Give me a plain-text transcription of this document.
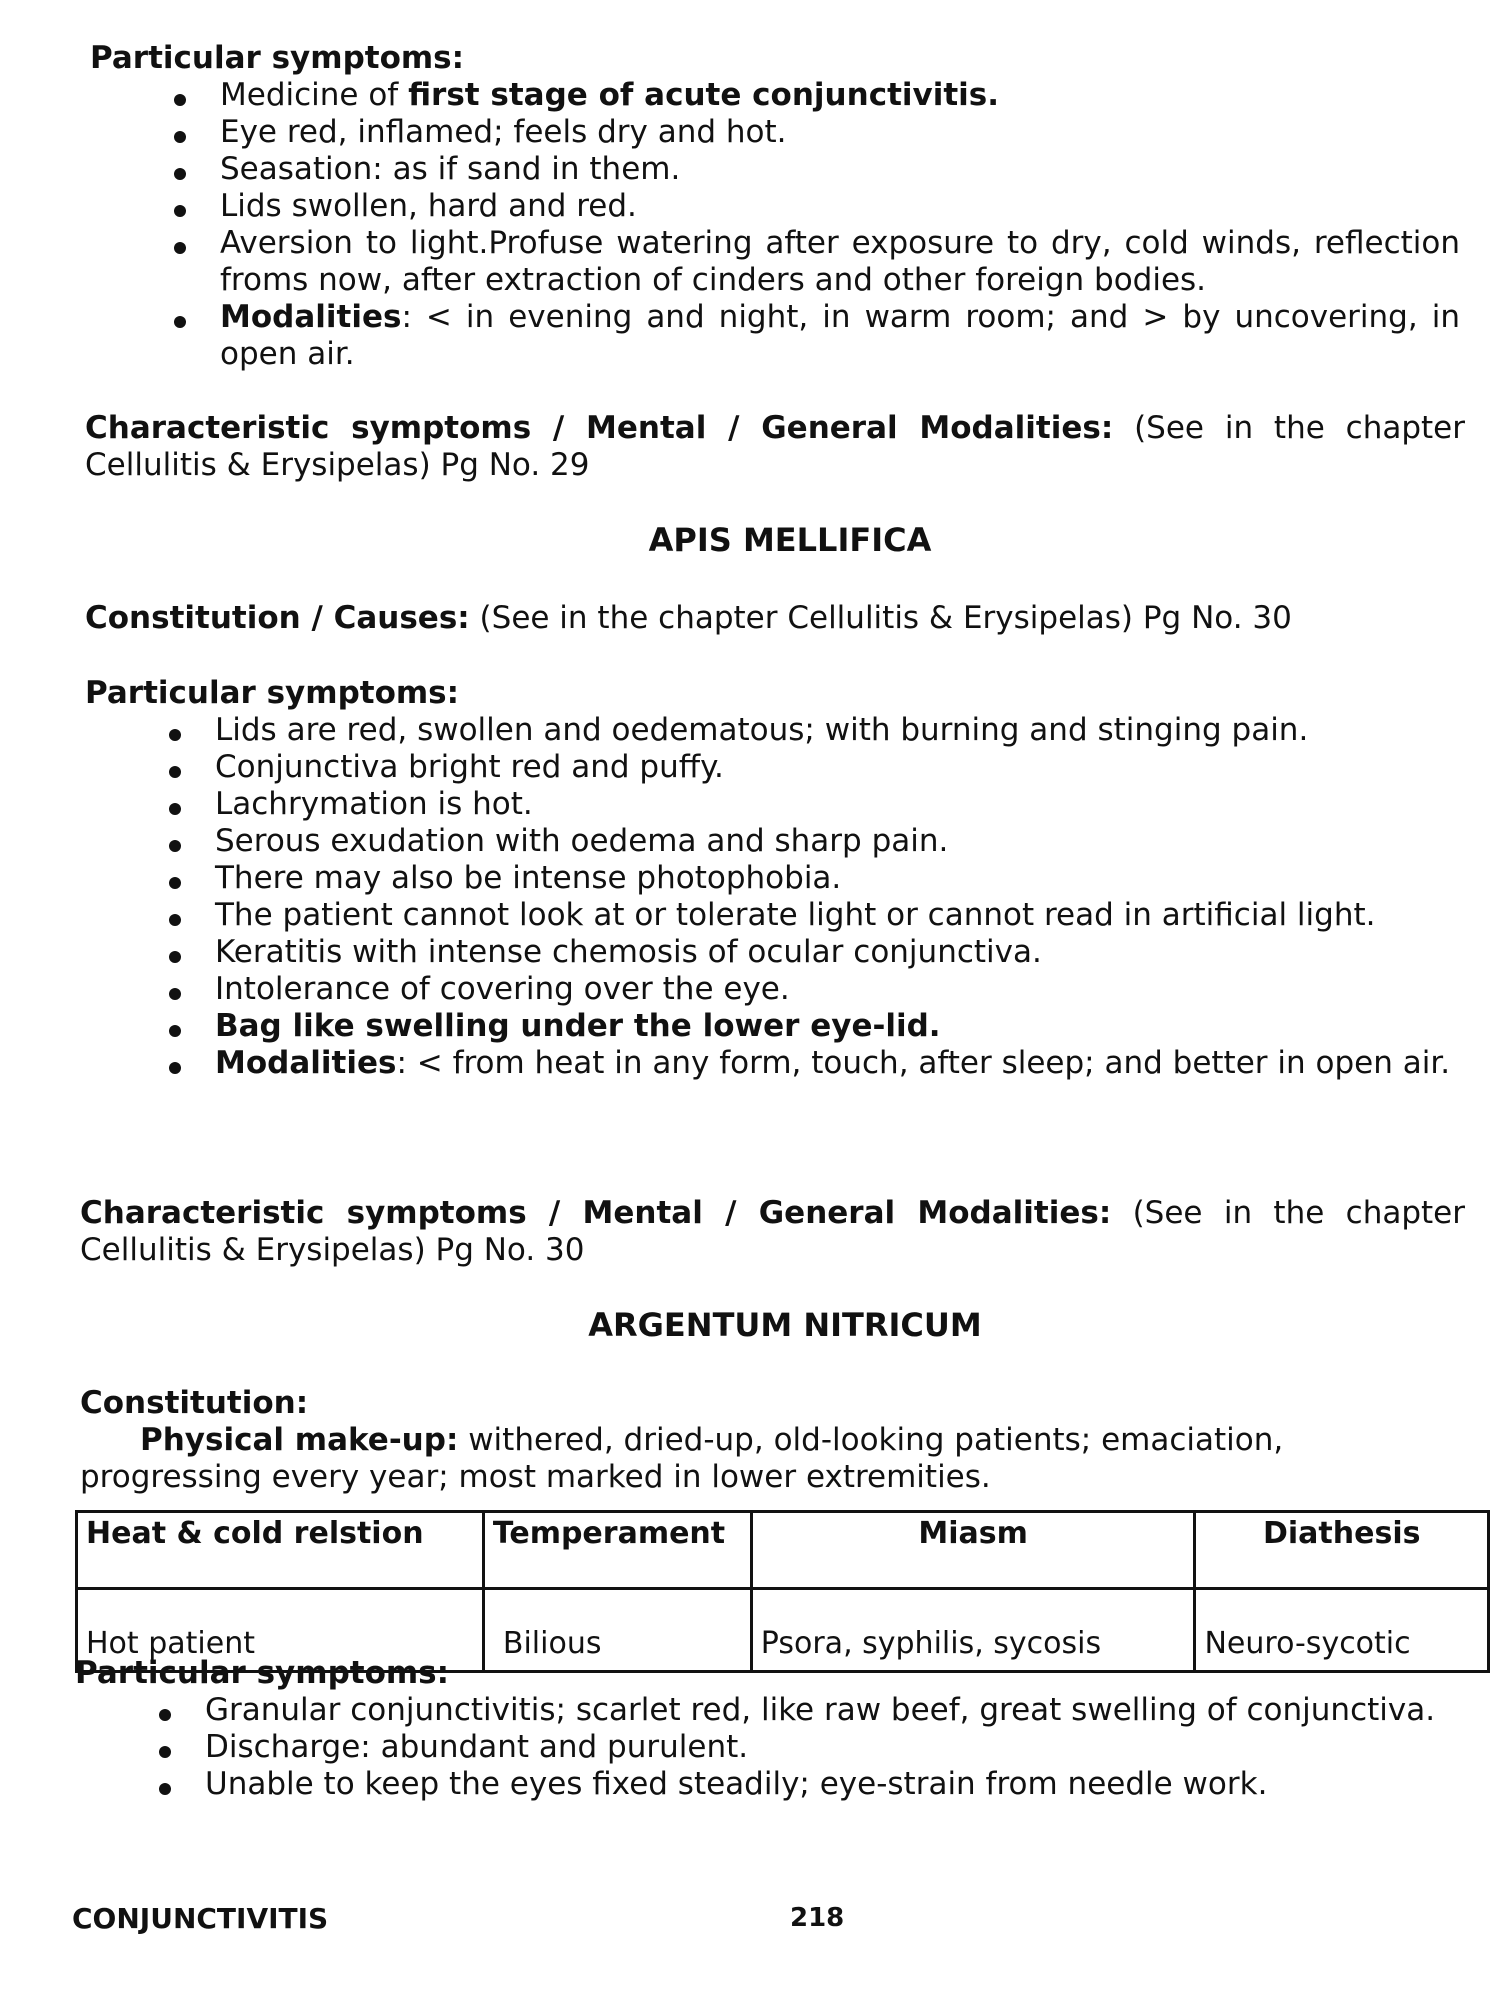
Particular symptoms:
Medicine of first stage of acute conjunctivitis.
Eye red, inflamed; feels dry and hot.
Seasation: as if sand in them.
Lids swollen, hard and red.
Aversion to light.Profuse watering after exposure to dry, cold winds, reflection froms now, after extraction of cinders and other foreign bodies.
Modalities: < in evening and night, in warm room; and > by uncovering, in open air.
Characteristic symptoms / Mental / General Modalities: (See in the chapter Cellulitis & Erysipelas) Pg No. 29
APIS MELLIFICA
Constitution / Causes: (See in the chapter Cellulitis & Erysipelas) Pg No. 30
Particular symptoms:
Lids are red, swollen and oedematous; with burning and stinging pain.
Conjunctiva bright red and puffy.
Lachrymation is hot.
Serous exudation with oedema and sharp pain.
There may also be intense photophobia.
The patient cannot look at or tolerate light or cannot read in artificial light.
Keratitis with intense chemosis of ocular conjunctiva.
Intolerance of covering over the eye.
Bag like swelling under the lower eye-lid.
Modalities: < from heat in any form, touch, after sleep; and better in open air.
Characteristic symptoms / Mental / General Modalities: (See in the chapter Cellulitis & Erysipelas) Pg No. 30
ARGENTUM NITRICUM
Constitution:
Physical make-up: withered, dried-up, old-looking patients; emaciation, progressing every year; most marked in lower extremities.
Heat & cold relstion	Temperament	Miasm	Diathesis
Hot patient	Bilious	Psora, syphilis, sycosis	Neuro-sycotic
Particular symptoms:
Granular conjunctivitis; scarlet red, like raw beef, great swelling of conjunctiva.
Discharge: abundant and purulent.
Unable to keep the eyes fixed steadily; eye-strain from needle work.
CONJUNCTIVITIS	218
